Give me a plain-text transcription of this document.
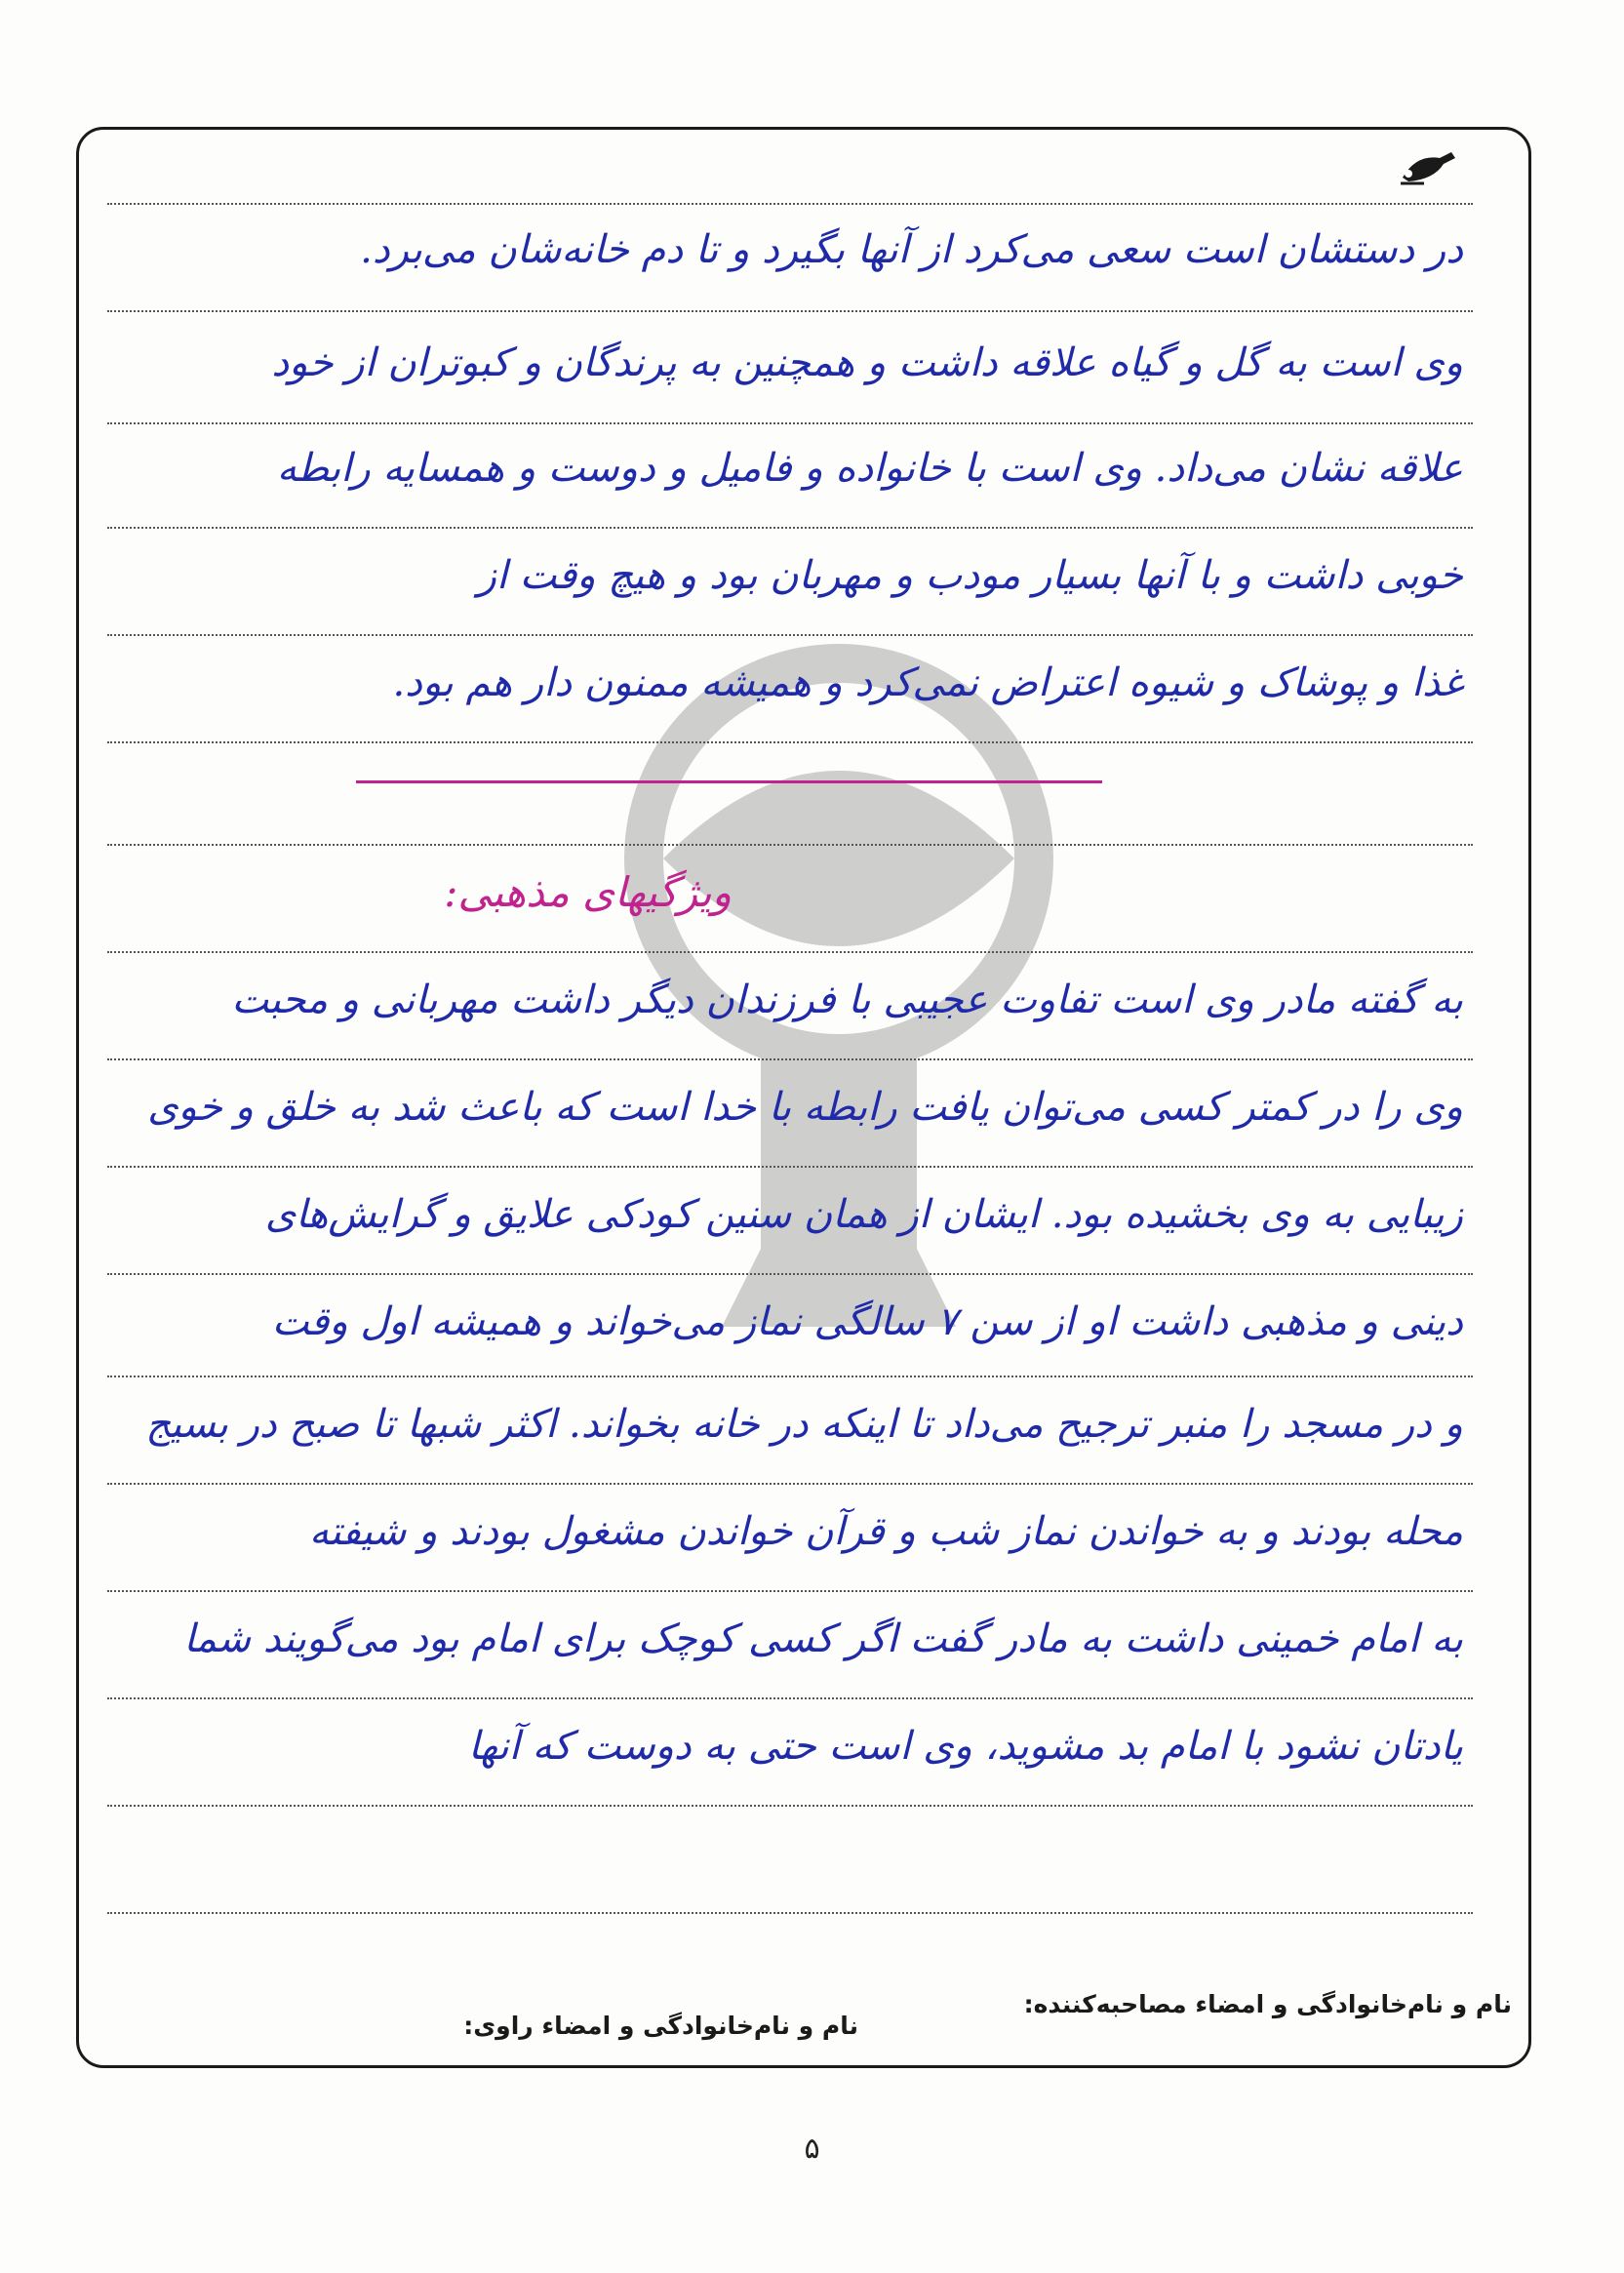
در دستشان است سعی می‌کرد از آنها بگیرد و تا دم خانه‌شان می‌برد.
وی است به گل و گیاه علاقه داشت و همچنین به پرندگان و کبوتران از خود
علاقه نشان می‌داد. وی است با خانواده و فامیل و دوست و همسایه رابطه
خوبی داشت و با آنها بسیار مودب و مهربان بود و هیچ وقت از
غذا و پوشاک و شیوه اعتراض نمی‌کرد و همیشه ممنون دار هم بود.
ویژگیهای مذهبی:
به گفته مادر وی است تفاوت عجیبی با فرزندان دیگر داشت مهربانی و محبت
وی را در کمتر کسی می‌توان یافت رابطه با خدا است که باعث شد به خلق و خوی
زیبایی به وی بخشیده بود. ایشان از همان سنین کودکی علایق و گرایش‌های
دینی و مذهبی داشت او از سن ۷ سالگی نماز می‌خواند و همیشه اول وقت
و در مسجد را منبر ترجیح می‌داد تا اینکه در خانه بخواند. اکثر شبها تا صبح در بسیج
محله بودند و به خواندن نماز شب و قرآن خواندن مشغول بودند و شیفته
به امام خمینی داشت به مادر گفت اگر کسی کوچک برای امام بود می‌گویند شما
یادتان نشود با امام بد مشوید، وی است حتی به دوست که آنها
نام و نام‌خانوادگی و امضاء مصاحبه‌کننده:
نام و نام‌خانوادگی و امضاء راوی:
۵
